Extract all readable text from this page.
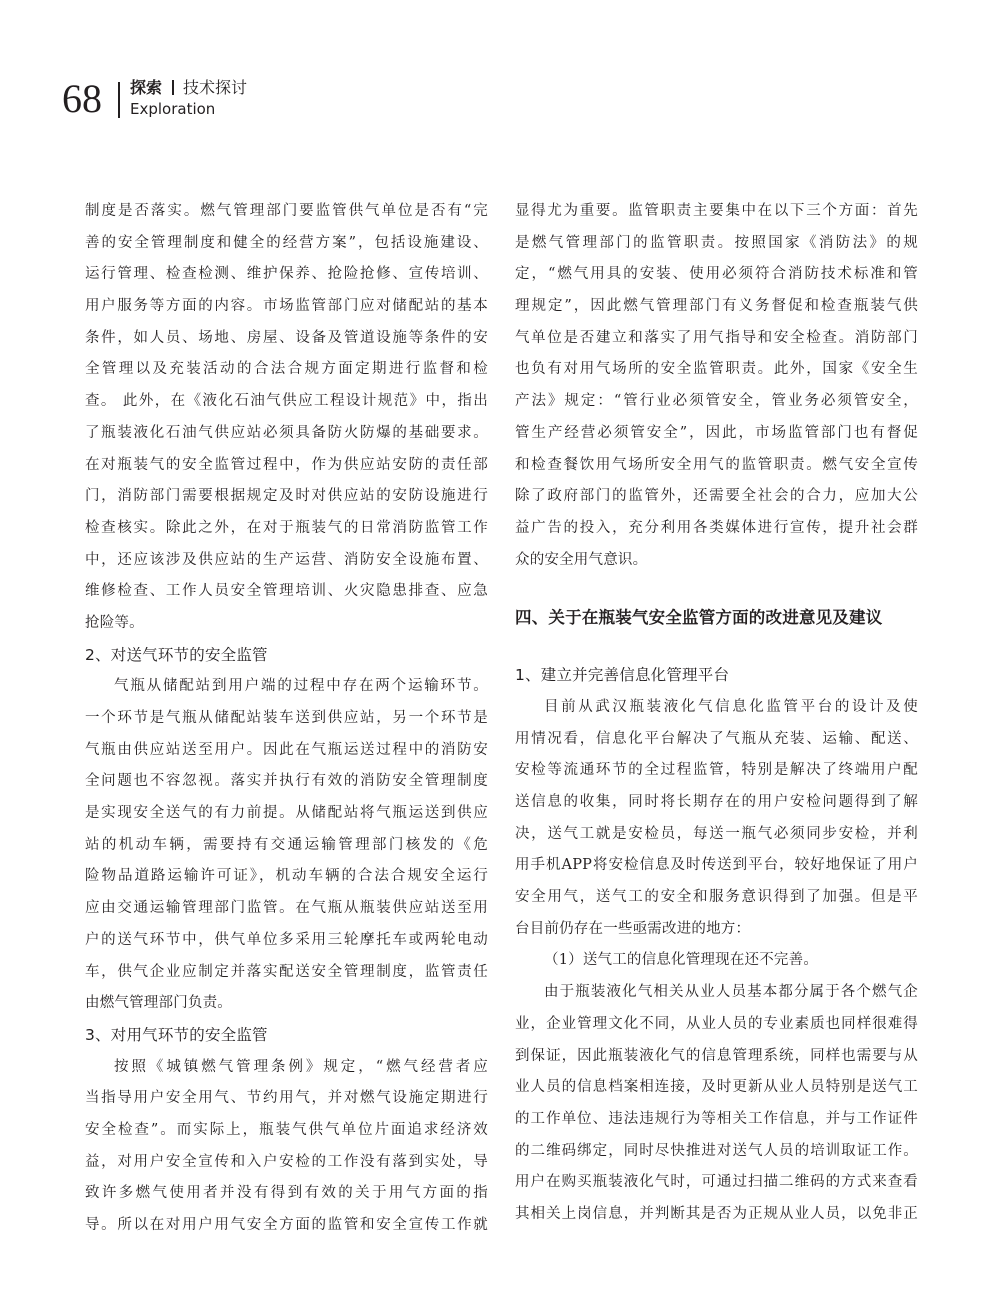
68 探索 技术探讨
Exploration
制度是否落实。燃气管理部门要监管供气单位是否有“完
善的安全管理制度和健全的经营方案”，包括设施建设、
运行管理、检查检测、维护保养、抢险抢修、宣传培训、
用户服务等方面的内容。市场监管部门应对储配站的基本
条件，如人员、场地、房屋、设备及管道设施等条件的安
全管理以及充装活动的合法合规方面定期进行监督和检
查。 此外，在《液化石油气供应工程设计规范》中，指出
了瓶装液化石油气供应站必须具备防火防爆的基础要求。
在对瓶装气的安全监管过程中，作为供应站安防的责任部
门，消防部门需要根据规定及时对供应站的安防设施进行
检查核实。除此之外，在对于瓶装气的日常消防监管工作
中，还应该涉及供应站的生产运营、消防安全设施布置、
维修检查、工作人员安全管理培训、火灾隐患排查、应急
抢险等。
2、对送气环节的安全监管
气瓶从储配站到用户端的过程中存在两个运输环节。
一个环节是气瓶从储配站装车送到供应站，另一个环节是
气瓶由供应站送至用户。因此在气瓶运送过程中的消防安
全问题也不容忽视。落实并执行有效的消防安全管理制度
是实现安全送气的有力前提。从储配站将气瓶运送到供应
站的机动车辆，需要持有交通运输管理部门核发的《危
险物品道路运输许可证》，机动车辆的合法合规安全运行
应由交通运输管理部门监管。在气瓶从瓶装供应站送至用
户的送气环节中，供气单位多采用三轮摩托车或两轮电动
车，供气企业应制定并落实配送安全管理制度，监管责任
由燃气管理部门负责。
3、对用气环节的安全监管
按照《城镇燃气管理条例》规定，“燃气经营者应
当指导用户安全用气、节约用气，并对燃气设施定期进行
安全检查”。而实际上，瓶装气供气单位片面追求经济效
益，对用户安全宣传和入户安检的工作没有落到实处，导
致许多燃气使用者并没有得到有效的关于用气方面的指
导。所以在对用户用气安全方面的监管和安全宣传工作就
显得尤为重要。监管职责主要集中在以下三个方面：首先
是燃气管理部门的监管职责。按照国家《消防法》的规
定，“燃气用具的安装、使用必须符合消防技术标准和管
理规定”，因此燃气管理部门有义务督促和检查瓶装气供
气单位是否建立和落实了用气指导和安全检查。消防部门
也负有对用气场所的安全监管职责。此外，国家《安全生
产法》规定：“管行业必须管安全，管业务必须管安全，
管生产经营必须管安全”，因此，市场监管部门也有督促
和检查餐饮用气场所安全用气的监管职责。燃气安全宣传
除了政府部门的监管外，还需要全社会的合力，应加大公
益广告的投入，充分利用各类媒体进行宣传，提升社会群
众的安全用气意识。
四、关于在瓶装气安全监管方面的改进意见及建议
1、建立并完善信息化管理平台
目前从武汉瓶装液化气信息化监管平台的设计及使
用情况看，信息化平台解决了气瓶从充装、运输、配送、
安检等流通环节的全过程监管，特别是解决了终端用户配
送信息的收集，同时将长期存在的用户安检问题得到了解
决，送气工就是安检员，每送一瓶气必须同步安检，并利
用手机APP将安检信息及时传送到平台，较好地保证了用户
安全用气，送气工的安全和服务意识得到了加强。但是平
台目前仍存在一些亟需改进的地方：
（1）送气工的信息化管理现在还不完善。
由于瓶装液化气相关从业人员基本都分属于各个燃气企
业，企业管理文化不同，从业人员的专业素质也同样很难得
到保证，因此瓶装液化气的信息管理系统，同样也需要与从
业人员的信息档案相连接，及时更新从业人员特别是送气工
的工作单位、违法违规行为等相关工作信息，并与工作证件
的二维码绑定，同时尽快推进对送气人员的培训取证工作。
用户在购买瓶装液化气时，可通过扫描二维码的方式来查看
其相关上岗信息，并判断其是否为正规从业人员，以免非正
